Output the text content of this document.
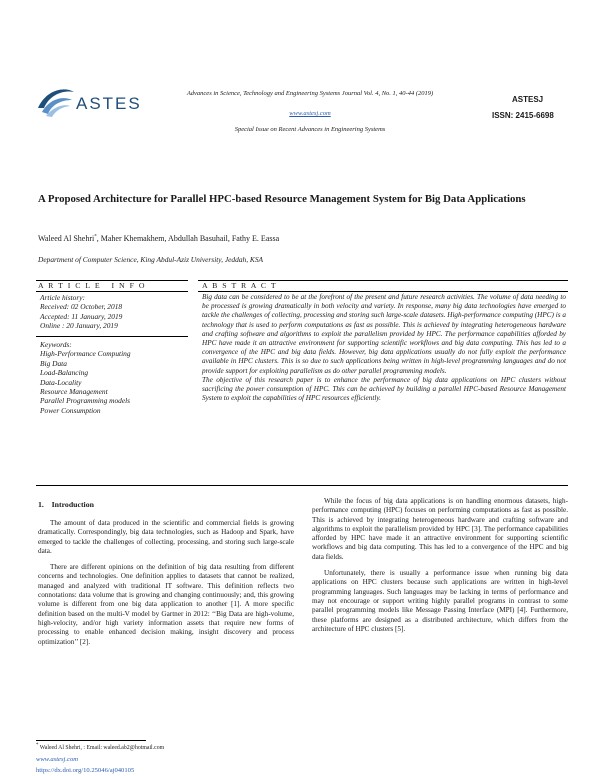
ASTES
Advances in Science, Technology and Engineering Systems Journal Vol. 4, No. 1, 40-44 (2019)
www.astesj.com
Special Issue on Recent Advances in Engineering Systems
ASTESJ
ISSN: 2415-6698
A Proposed Architecture for Parallel HPC-based Resource Management System for Big Data Applications
Waleed Al Shehri*, Maher Khemakhem, Abdullah Basuhail, Fathy E. Eassa
Department of Computer Science, King Abdul-Aziz University, Jeddah, KSA
A R T I C L E   I N F O
Article history:
Received: 02 October, 2018
Accepted: 11 January, 2019
Online : 20 January, 2019
Keywords:
High-Performance Computing
Big Data
Load-Balancing
Data-Locality
Resource Management
Parallel Programming models
Power Consumption
A B S T R A C T
Big data can be considered to be at the forefront of the present and future research activities. The volume of data needing to be processed is growing dramatically in both velocity and variety. In response, many big data technologies have emerged to tackle the challenges of collecting, processing and storing such large-scale datasets. High-performance computing (HPC) is a technology that is used to perform computations as fast as possible. This is achieved by integrating heterogeneous hardware and crafting software and algorithms to exploit the parallelism provided by HPC. The performance capabilities afforded by HPC have made it an attractive environment for supporting scientific workflows and big data computing. This has led to a convergence of the HPC and big data fields. However, big data applications usually do not fully exploit the performance available in HPC clusters. This is so due to such applications being written in high-level programming languages and do not provide support for exploiting parallelism as do other parallel programming models.
The objective of this research paper is to enhance the performance of big data applications on HPC clusters without sacrificing the power consumption of HPC. This can be achieved by building a parallel HPC-based Resource Management System to exploit the capabilities of HPC resources efficiently.
1.    Introduction

The amount of data produced in the scientific and commercial fields is growing dramatically. Correspondingly, big data technologies, such as Hadoop and Spark, have emerged to tackle the challenges of collecting, processing, and storing such large-scale data.

There are different opinions on the definition of big data resulting from different concerns and technologies. One definition applies to datasets that cannot be realized, managed and analyzed with traditional IT software. This definition reflects two connotations: data volume that is growing and changing continuously; and, this growing volume is different from one big data application to another [1]. A more specific definition based on the multi-V model by Gartner in 2012: ‘‘Big Data are high-volume, high-velocity, and/or high variety information assets that require new forms of processing to enable enhanced decision making, insight discovery and process optimization’’ [2].

While the focus of big data applications is on handling enormous datasets, high-performance computing (HPC) focuses on performing computations as fast as possible. This is achieved by integrating heterogeneous hardware and crafting software and algorithms to exploit the parallelism provided by HPC [3]. The performance capabilities afforded by HPC have made it an attractive environment for supporting scientific workflows and big data computing. This has led to a convergence of the HPC and big data fields.

Unfortunately, there is usually a performance issue when running big data applications on HPC clusters because such applications are written in high-level programming languages. Such languages may be lacking in terms of performance and may not encourage or support writing highly parallel programs in contrast to some parallel programming models like Message Passing Interface (MPI) [4]. Furthermore, these platforms are designed as a distributed architecture, which differs from the architecture of HPC clusters [5].

* Waleed Al Shehri, : Email: waleed.ab2@hotmail.com
www.astesj.com
https://dx.doi.org/10.25046/aj040105
